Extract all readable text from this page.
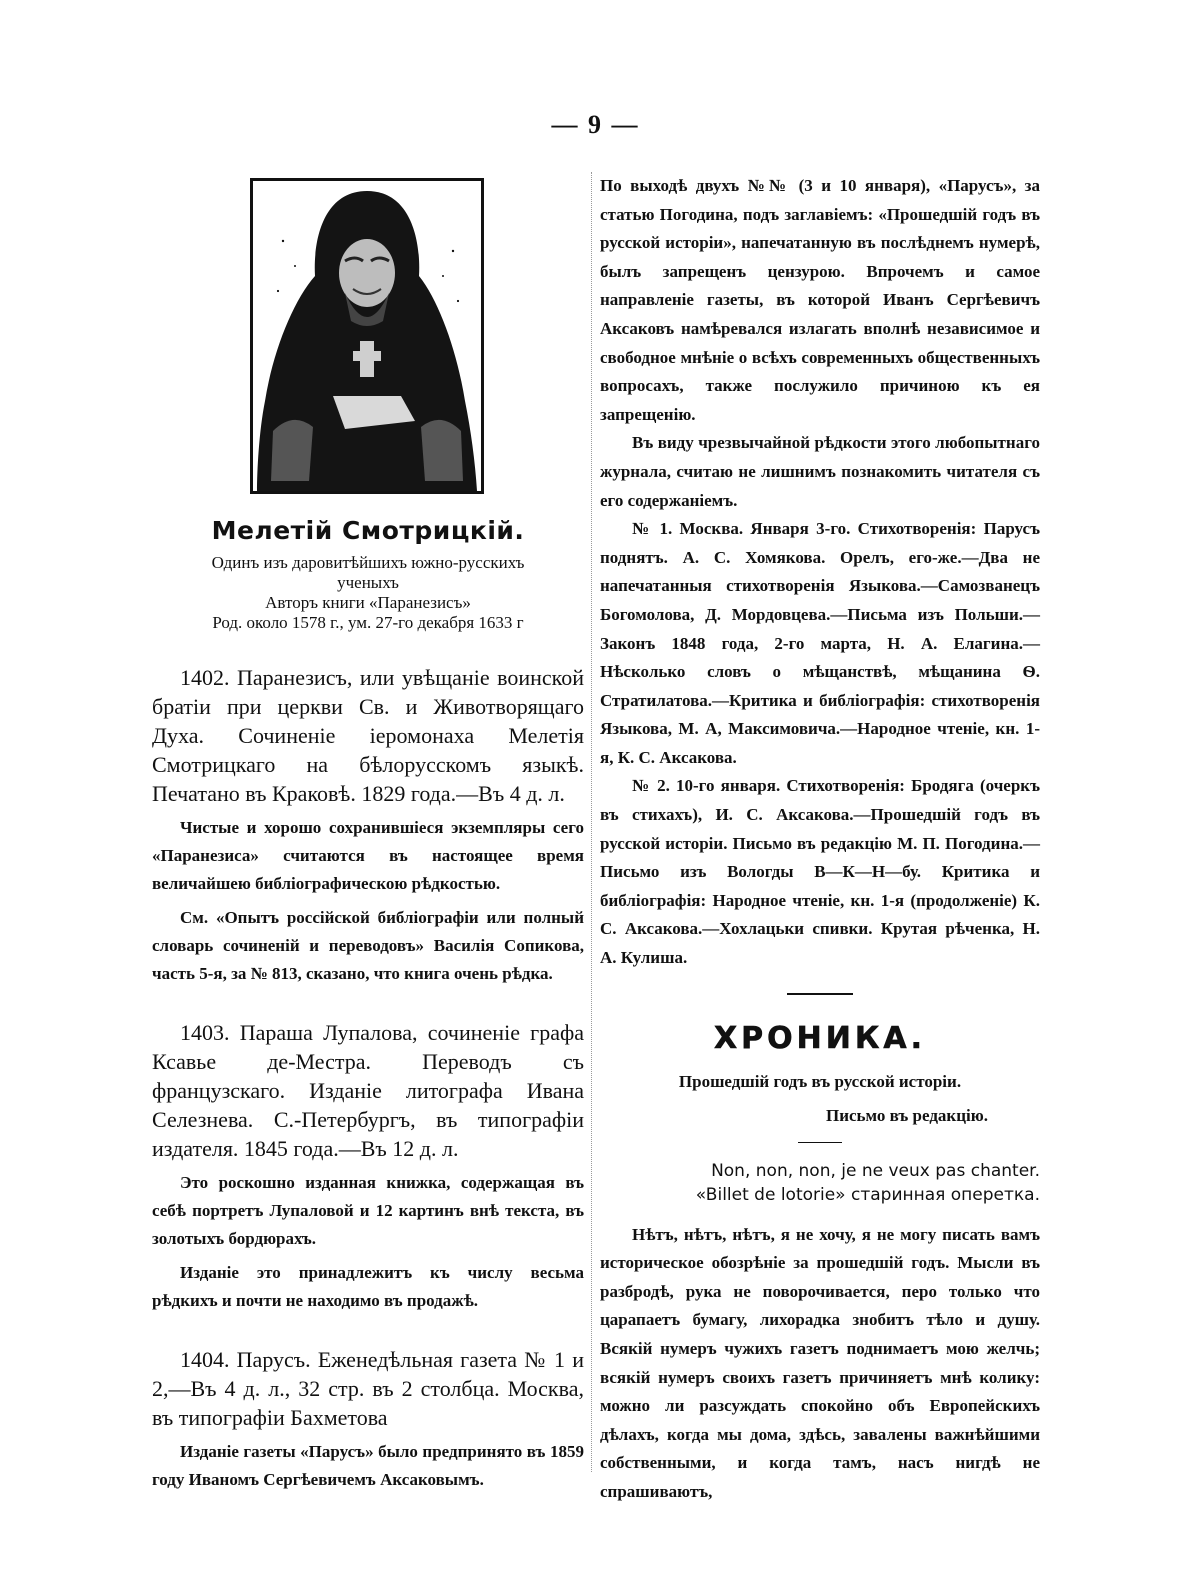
— 9 —
Мелетій Смотрицкій.
Одинъ изъ даровитѣйшихъ южно-русскихъ
ученыхъ
Авторъ книги «Паранезисъ»
Род. около 1578 г., ум. 27-го декабря 1633 г

1402. Паранезисъ, или увѣщаніе воинской братіи при церкви Св. и Животворящаго Духа. Сочиненіе іеромонаха Мелетія Смотрицкаго на бѣлорусскомъ языкѣ. Печатано въ Краковѣ. 1829 года.—Въ 4 д. л.

Чистые и хорошо сохранившіеся экземпляры сего «Паранезиса» считаются въ настоящее время величайшею библіографическою рѣдкостью.

См. «Опытъ россійской библіографіи или полный словарь сочиненій и переводовъ» Василія Сопикова, часть 5-я, за № 813, сказано, что книга очень рѣдка.

1403. Параша Лупалова, сочиненіе графа Ксавье де-Местра. Переводъ съ французскаго. Изданіе литографа Ивана Селезнева. С.-Петербургъ, въ типографіи издателя. 1845 года.—Въ 12 д. л.

Это роскошно изданная книжка, содержащая въ себѣ портретъ Лупаловой и 12 картинъ внѣ текста, въ золотыхъ бордюрахъ.

Изданіе это принадлежитъ къ числу весьма рѣдкихъ и почти не находимо въ продажѣ.

1404. Парусъ. Еженедѣльная газета № 1 и 2,—Въ 4 д. л., 32 стр. въ 2 столбца. Москва, въ типографіи Бахметова

Изданіе газеты «Парусъ» было предпринято въ 1859 году Иваномъ Сергѣевичемъ Аксаковымъ.

По выходѣ двухъ №№ (3 и 10 января), «Парусъ», за статью Погодина, подъ заглавіемъ: «Прошедшій годъ въ русской исторіи», напечатанную въ послѣднемъ нумерѣ, былъ запрещенъ цензурою. Впрочемъ и самое направленіе газеты, въ которой Иванъ Сергѣевичъ Аксаковъ намѣревался излагать вполнѣ независимое и свободное мнѣніе о всѣхъ современныхъ общественныхъ вопросахъ, также послужило причиною къ ея запрещенію.

Въ виду чрезвычайной рѣдкости этого любопытнаго журнала, считаю не лишнимъ познакомить читателя съ его содержаніемъ.

№ 1. Москва. Января 3-го. Стихотворенія: Парусъ поднятъ. А. С. Хомякова. Орелъ, его-же.—Два не напечатанныя стихотворенія Языкова.—Самозванецъ Богомолова, Д. Мордовцева.—Письма изъ Польши.—Законъ 1848 года, 2-го марта, Н. А. Елагина.—Нѣсколько словъ о мѣщанствѣ, мѣщанина Ѳ. Стратилатова.—Критика и библіографія: стихотворенія Языкова, М. А, Максимовича.—Народное чтеніе, кн. 1-я, К. С. Аксакова.

№ 2. 10-го января. Стихотворенія: Бродяга (очеркъ въ стихахъ), И. С. Аксакова.—Прошедшій годъ въ русской исторіи. Письмо въ редакцію М. П. Погодина.—Письмо изъ Вологды В—К—Н—бу. Критика и библіографія: Народное чтеніе, кн. 1-я (продолженіе) К. С. Аксакова.—Хохлацьки спивки. Крутая рѣченка, Н. А. Кулиша.

ХРОНИКА.

Прошедшій годъ въ русской исторіи.

Письмо въ редакцію.

Non, non, non, je ne veux pas chanter.

«Billet de lotorie» старинная оперетка.

Нѣтъ, нѣтъ, нѣтъ, я не хочу, я не могу писать вамъ историческое обозрѣніе за прошедшій годъ. Мысли въ разбродѣ, рука не поворочивается, перо только что царапаетъ бумагу, лихорадка знобитъ тѣло и душу. Всякій нумеръ чужихъ газетъ поднимаетъ мою желчь; всякій нумеръ своихъ газетъ причиняетъ мнѣ колику: можно ли разсуждать спокойно объ Европейскихъ дѣлахъ, когда мы дома, здѣсь, завалены важнѣйшими собственными, и когда тамъ, насъ нигдѣ не спрашиваютъ,
